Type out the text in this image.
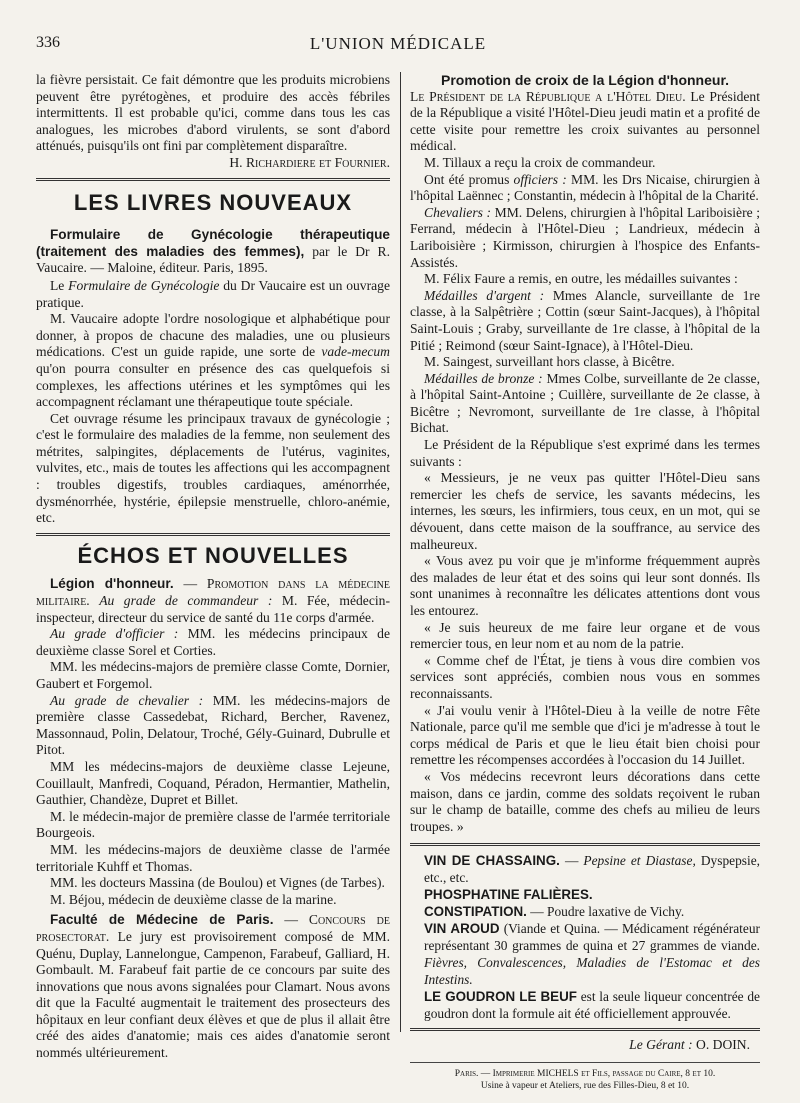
336	L'UNION MÉDICALE

la fièvre persistait. Ce fait démontre que les produits microbiens peuvent être pyrétogènes, et produire des accès fébriles intermittents. Il est probable qu'ici, comme dans tous les cas analogues, les microbes d'abord virulents, se sont d'abord atténués, puisqu'ils ont fini par complètement disparaître.

H. Richardiere et Fournier.
LES LIVRES NOUVEAUX

Formulaire de Gynécologie thérapeutique (traitement des maladies des femmes), par le Dr R. Vaucaire. — Maloine, éditeur. Paris, 1895.

Le Formulaire de Gynécologie du Dr Vaucaire est un ouvrage pratique.

M. Vaucaire adopte l'ordre nosologique et alphabétique pour donner, à propos de chacune des maladies, une ou plusieurs médications. C'est un guide rapide, une sorte de vade-mecum qu'on pourra consulter en présence des cas quelquefois si complexes, les affections utérines et les symptômes qui les accompagnent réclamant une thérapeutique toute spéciale.

Cet ouvrage résume les principaux travaux de gynécologie ; c'est le formulaire des maladies de la femme, non seulement des métrites, salpingites, déplacements de l'utérus, vaginites, vulvites, etc., mais de toutes les affections qui les accompagnent : troubles digestifs, troubles cardiaques, aménorrhée, dysménorrhée, hystérie, épilepsie menstruelle, chloro-anémie, etc.

ÉCHOS ET NOUVELLES

Légion d'honneur. — Promotion dans la médecine militaire. Au grade de commandeur : M. Fée, médecin-inspecteur, directeur du service de santé du 11e corps d'armée.

Au grade d'officier : MM. les médecins principaux de deuxième classe Sorel et Corties.

MM. les médecins-majors de première classe Comte, Dornier, Gaubert et Forgemol.

Au grade de chevalier : MM. les médecins-majors de première classe Cassedebat, Richard, Bercher, Ravenez, Massonnaud, Polin, Delatour, Troché, Gély-Guinard, Dubrulle et Pitot.

MM les médecins-majors de deuxième classe Lejeune, Couillault, Manfredi, Coquand, Péradon, Hermantier, Mathelin, Gauthier, Chandèze, Dupret et Billet.

M. le médecin-major de première classe de l'armée territoriale Bourgeois.

MM. les médecins-majors de deuxième classe de l'armée territoriale Kuhff et Thomas.

MM. les docteurs Massina (de Boulou) et Vignes (de Tarbes).

M. Béjou, médecin de deuxième classe de la marine.

Faculté de Médecine de Paris. — Concours de prosectorat. Le jury est provisoirement composé de MM. Quénu, Duplay, Lannelongue, Campenon, Farabeuf, Galliard, H. Gombault. M. Farabeuf fait partie de ce concours par suite des innovations que nous avons signalées pour Clamart. Nous avons dit que la Faculté augmentait le traitement des prosecteurs des hôpitaux en leur confiant deux élèves et que de plus il allait être créé des aides d'anatomie; mais ces aides d'anatomie seront nommés ultérieurement.

Promotion de croix de la Légion d'honneur.

Le Président de la République a l'Hôtel Dieu. Le Président de la République a visité l'Hôtel-Dieu jeudi matin et a profité de cette visite pour remettre les croix suivantes au personnel médical.

M. Tillaux a reçu la croix de commandeur.

Ont été promus officiers : MM. les Drs Nicaise, chirurgien à l'hôpital Laënnec ; Constantin, médecin à l'hôpital de la Charité.

Chevaliers : MM. Delens, chirurgien à l'hôpital Lariboisière ; Ferrand, médecin à l'Hôtel-Dieu ; Landrieux, médecin à Lariboisière ; Kirmisson, chirurgien à l'hospice des Enfants-Assistés.

M. Félix Faure a remis, en outre, les médailles suivantes :

Médailles d'argent : Mmes Alancle, surveillante de 1re classe, à la Salpêtrière ; Cottin (sœur Saint-Jacques), à l'hôpital Saint-Louis ; Graby, surveillante de 1re classe, à l'hôpital de la Pitié ; Reimond (sœur Saint-Ignace), à l'Hôtel-Dieu.

M. Saingest, surveillant hors classe, à Bicêtre.

Médailles de bronze : Mmes Colbe, surveillante de 2e classe, à l'hôpital Saint-Antoine ; Cuillère, surveillante de 2e classe, à Bicêtre ; Nevromont, surveillante de 1re classe, à l'hôpital Bichat.

Le Président de la République s'est exprimé dans les termes suivants :

« Messieurs, je ne veux pas quitter l'Hôtel-Dieu sans remercier les chefs de service, les savants médecins, les internes, les sœurs, les infirmiers, tous ceux, en un mot, qui se dévouent, dans cette maison de la souffrance, au service des malheureux.

« Vous avez pu voir que je m'informe fréquemment auprès des malades de leur état et des soins qui leur sont donnés. Ils sont unanimes à reconnaître les délicates attentions dont vous les entourez.

« Je suis heureux de me faire leur organe et de vous remercier tous, en leur nom et au nom de la patrie.

« Comme chef de l'État, je tiens à vous dire combien vos services sont appréciés, combien nous vous en sommes reconnaissants.

« J'ai voulu venir à l'Hôtel-Dieu à la veille de notre Fête Nationale, parce qu'il me semble que d'ici je m'adresse à tout le corps médical de Paris et que le lieu était bien choisi pour remettre les récompenses accordées à l'occasion du 14 Juillet.

« Vos médecins recevront leurs décorations dans cette maison, dans ce jardin, comme des soldats reçoivent le ruban sur le champ de bataille, comme des chefs au milieu de leurs troupes. »

VIN DE CHASSAING. — Pepsine et Diastase, Dyspepsie, etc., etc.

PHOSPHATINE FALIÈRES.

CONSTIPATION. — Poudre laxative de Vichy.

VIN AROUD (Viande et Quina. — Médicament régénérateur représentant 30 grammes de quina et 27 grammes de viande. Fièvres, Convalescences, Maladies de l'Estomac et des Intestins.

LE GOUDRON LE BEUF est la seule liqueur concentrée de goudron dont la formule ait été officiellement approuvée.

Le Gérant : O. DOIN.
Paris. — Imprimerie MICHELS et Fils, passage du Caire, 8 et 10.
Usine à vapeur et Ateliers, rue des Filles-Dieu, 8 et 10.
